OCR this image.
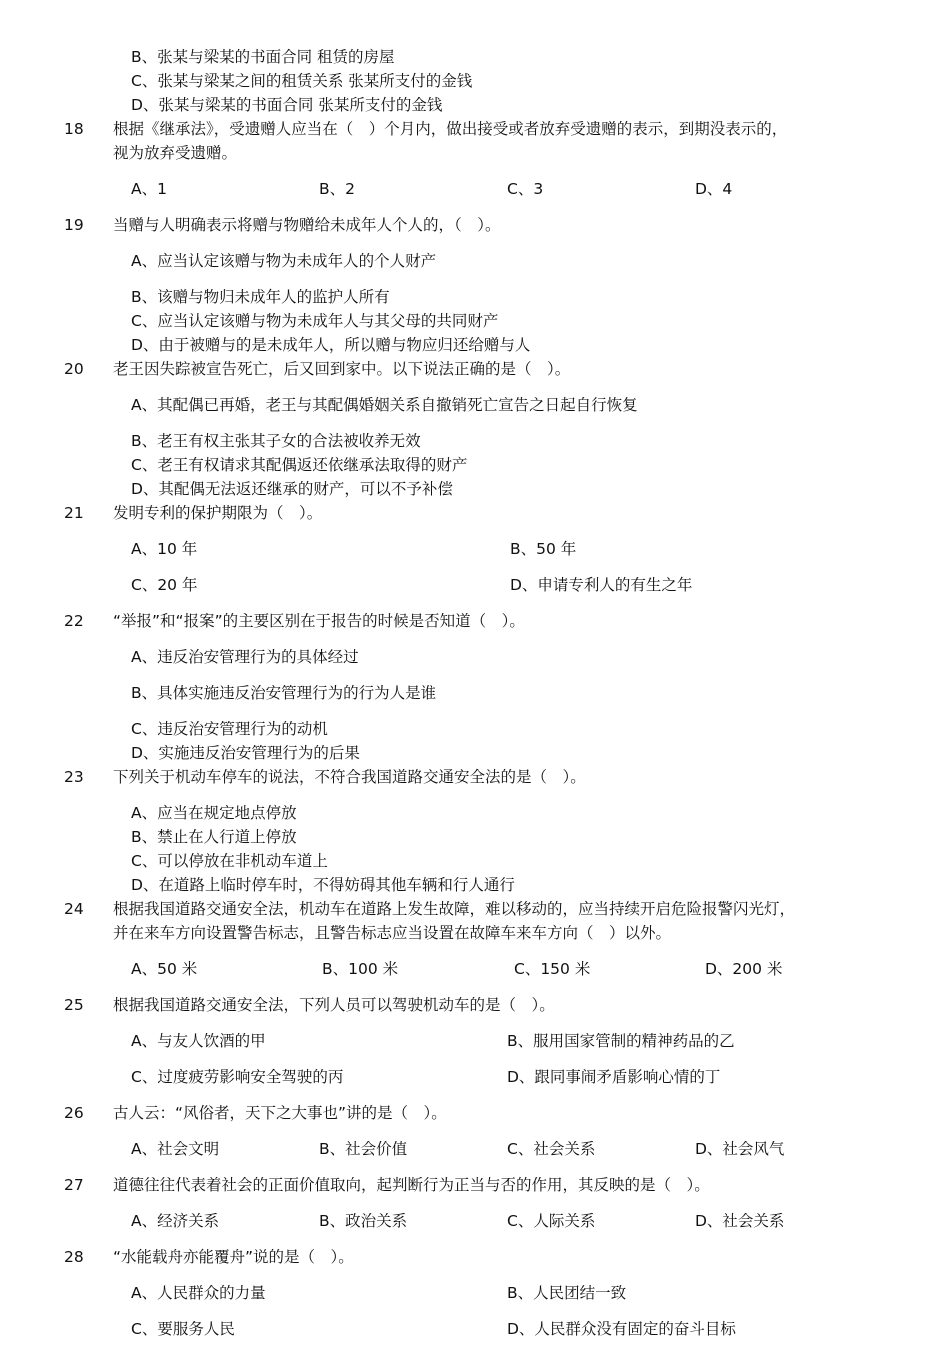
B、张某与梁某的书面合同 租赁的房屋
C、张某与梁某之间的租赁关系 张某所支付的金钱
D、张某与梁某的书面合同 张某所支付的金钱
18 根据《继承法》，受遗赠人应当在（　）个月内，做出接受或者放弃受遗赠的表示，到期没表示的，
视为放弃受遗赠。
A、1	B、2	C、3	D、4
19 当赠与人明确表示将赠与物赠给未成年人个人的，（　）。
A、应当认定该赠与物为未成年人的个人财产
B、该赠与物归未成年人的监护人所有
C、应当认定该赠与物为未成年人与其父母的共同财产
D、由于被赠与的是未成年人，所以赠与物应归还给赠与人
20 老王因失踪被宣告死亡，后又回到家中。以下说法正确的是（　）。
A、其配偶已再婚，老王与其配偶婚姻关系自撤销死亡宣告之日起自行恢复
B、老王有权主张其子女的合法被收养无效
C、老王有权请求其配偶返还依继承法取得的财产
D、其配偶无法返还继承的财产，可以不予补偿
21 发明专利的保护期限为（　）。
A、10 年	B、50 年
C、20 年	D、申请专利人的有生之年
22 “举报”和“报案”的主要区别在于报告的时候是否知道（　）。
A、违反治安管理行为的具体经过
B、具体实施违反治安管理行为的行为人是谁
C、违反治安管理行为的动机
D、实施违反治安管理行为的后果
23 下列关于机动车停车的说法，不符合我国道路交通安全法的是（　）。
A、应当在规定地点停放
B、禁止在人行道上停放
C、可以停放在非机动车道上
D、在道路上临时停车时，不得妨碍其他车辆和行人通行
24 根据我国道路交通安全法，机动车在道路上发生故障，难以移动的，应当持续开启危险报警闪光灯，
并在来车方向设置警告标志，且警告标志应当设置在故障车来车方向（　）以外。
A、50 米	B、100 米	C、150 米	D、200 米
25 根据我国道路交通安全法，下列人员可以驾驶机动车的是（　）。
A、与友人饮酒的甲	B、服用国家管制的精神药品的乙
C、过度疲劳影响安全驾驶的丙	D、跟同事闹矛盾影响心情的丁
26 古人云：“风俗者，天下之大事也”讲的是（　）。
A、社会文明	B、社会价值	C、社会关系	D、社会风气
27 道德往往代表着社会的正面价值取向，起判断行为正当与否的作用，其反映的是（　）。
A、经济关系	B、政治关系	C、人际关系	D、社会关系
28 “水能载舟亦能覆舟”说的是（　）。
A、人民群众的力量	B、人民团结一致
C、要服务人民	D、人民群众没有固定的奋斗目标
